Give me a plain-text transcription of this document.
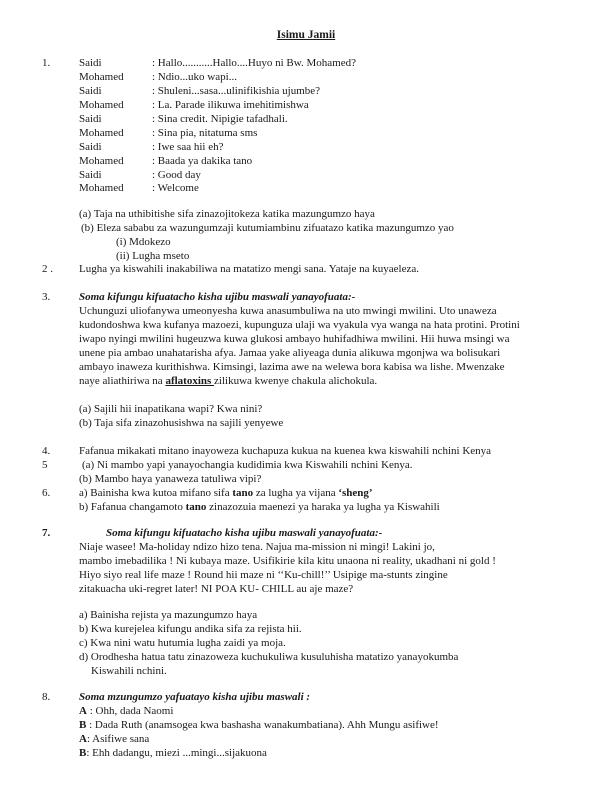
Isimu Jamii
1.	Saidi	: Hallo...........Hallo....Huyo ni Bw. Mohamed?
Mohamed	: Ndio...uko wapi...
Saidi	: Shuleni...sasa...ulinifikishia ujumbe?
Mohamed	: La. Parade ilikuwa imehitimishwa
Saidi	: Sina credit. Nipigie tafadhali.
Mohamed	: Sina pia, nitatuma sms
Saidi	: Iwe saa hii eh?
Mohamed	: Baada ya dakika tano
Saidi	: Good day
Mohamed	: Welcome
(a) Taja na uthibitishe sifa zinazojitokeza katika mazungumzo haya
(b) Eleza sababu za wazungumzaji kutumiambinu zifuatazo katika mazungumzo yao
(i) Mdokezo
(ii) Lugha mseto
2 . Lugha ya kiswahili inakabiliwa na matatizo mengi sana. Yataje na kuyaeleza.
3.	Soma kifungu kifuatacho kisha ujibu maswali yanayofuata:-
Uchunguzi uliofanywa umeonyesha kuwa anasumbuliwa na uto mwingi mwilini. Uto unaweza
kudondoshwa kwa kufanya mazoezi, kupunguza ulaji wa vyakula vya wanga na hata protini. Protini
iwapo nyingi mwilini hugeuzwa kuwa glukosi ambayo huhifadhiwa mwilini. Hii huwa msingi wa
unene pia ambao unahatarisha afya. Jamaa yake aliyeaga dunia alikuwa mgonjwa wa bolisukari
ambayo inaweza kurithishwa. Kimsingi, lazima awe na welewa bora kabisa wa lishe. Mwenzake
naye aliathiriwa na aflatoxins zilikuwa kwenye chakula alichokula.
(a) Sajili hii inapatikana wapi? Kwa nini?
(b) Taja sifa zinazohusishwa na sajili yenyewe
4.	Fafanua mikakati mitano inayoweza kuchapuza kukua na kuenea kwa kiswahili nchini Kenya
5	(a) Ni mambo yapi yanayochangia kudidimia kwa Kiswahili nchini Kenya.
(b) Mambo haya yanaweza tatuliwa vipi?
6.	a) Bainisha kwa kutoa mifano sifa tano za lugha ya vijana ‘sheng’
b) Fafanua changamoto tano zinazozuia maenezi ya haraka ya lugha ya Kiswahili
7.	Soma kifungu kifuatacho kisha ujibu maswali yanayofuata:-
Niaje wasee! Ma-holiday ndizo hizo tena. Najua ma-mission ni mingi! Lakini jo,
mambo imebadilika ! Ni kubaya maze. Usifikirie kila kitu unaona ni reality, ukadhani ni gold !
Hiyo siyo real life maze ! Round hii maze ni ‘‘Ku-chill!’’ Usipige ma-stunts zingine
zitakuacha uki-regret later! NI POA KU- CHILL au aje maze?
a) Bainisha rejista ya mazungumzo haya
b) Kwa kurejelea kifungu andika sifa za rejista hii.
c) Kwa nini watu hutumia lugha zaidi ya moja.
d) Orodhesha hatua tatu zinazoweza kuchukuliwa kusuluhisha matatizo yanayokumba
Kiswahili nchini.
8.	Soma mzungumzo yafuatayo kisha ujibu maswali :
A : Ohh, dada Naomi
B : Dada Ruth (anamsogea kwa bashasha wanakumbatiana). Ahh Mungu asifiwe!
A: Asifiwe sana
B: Ehh dadangu, miezi ...mingi...sijakuona
